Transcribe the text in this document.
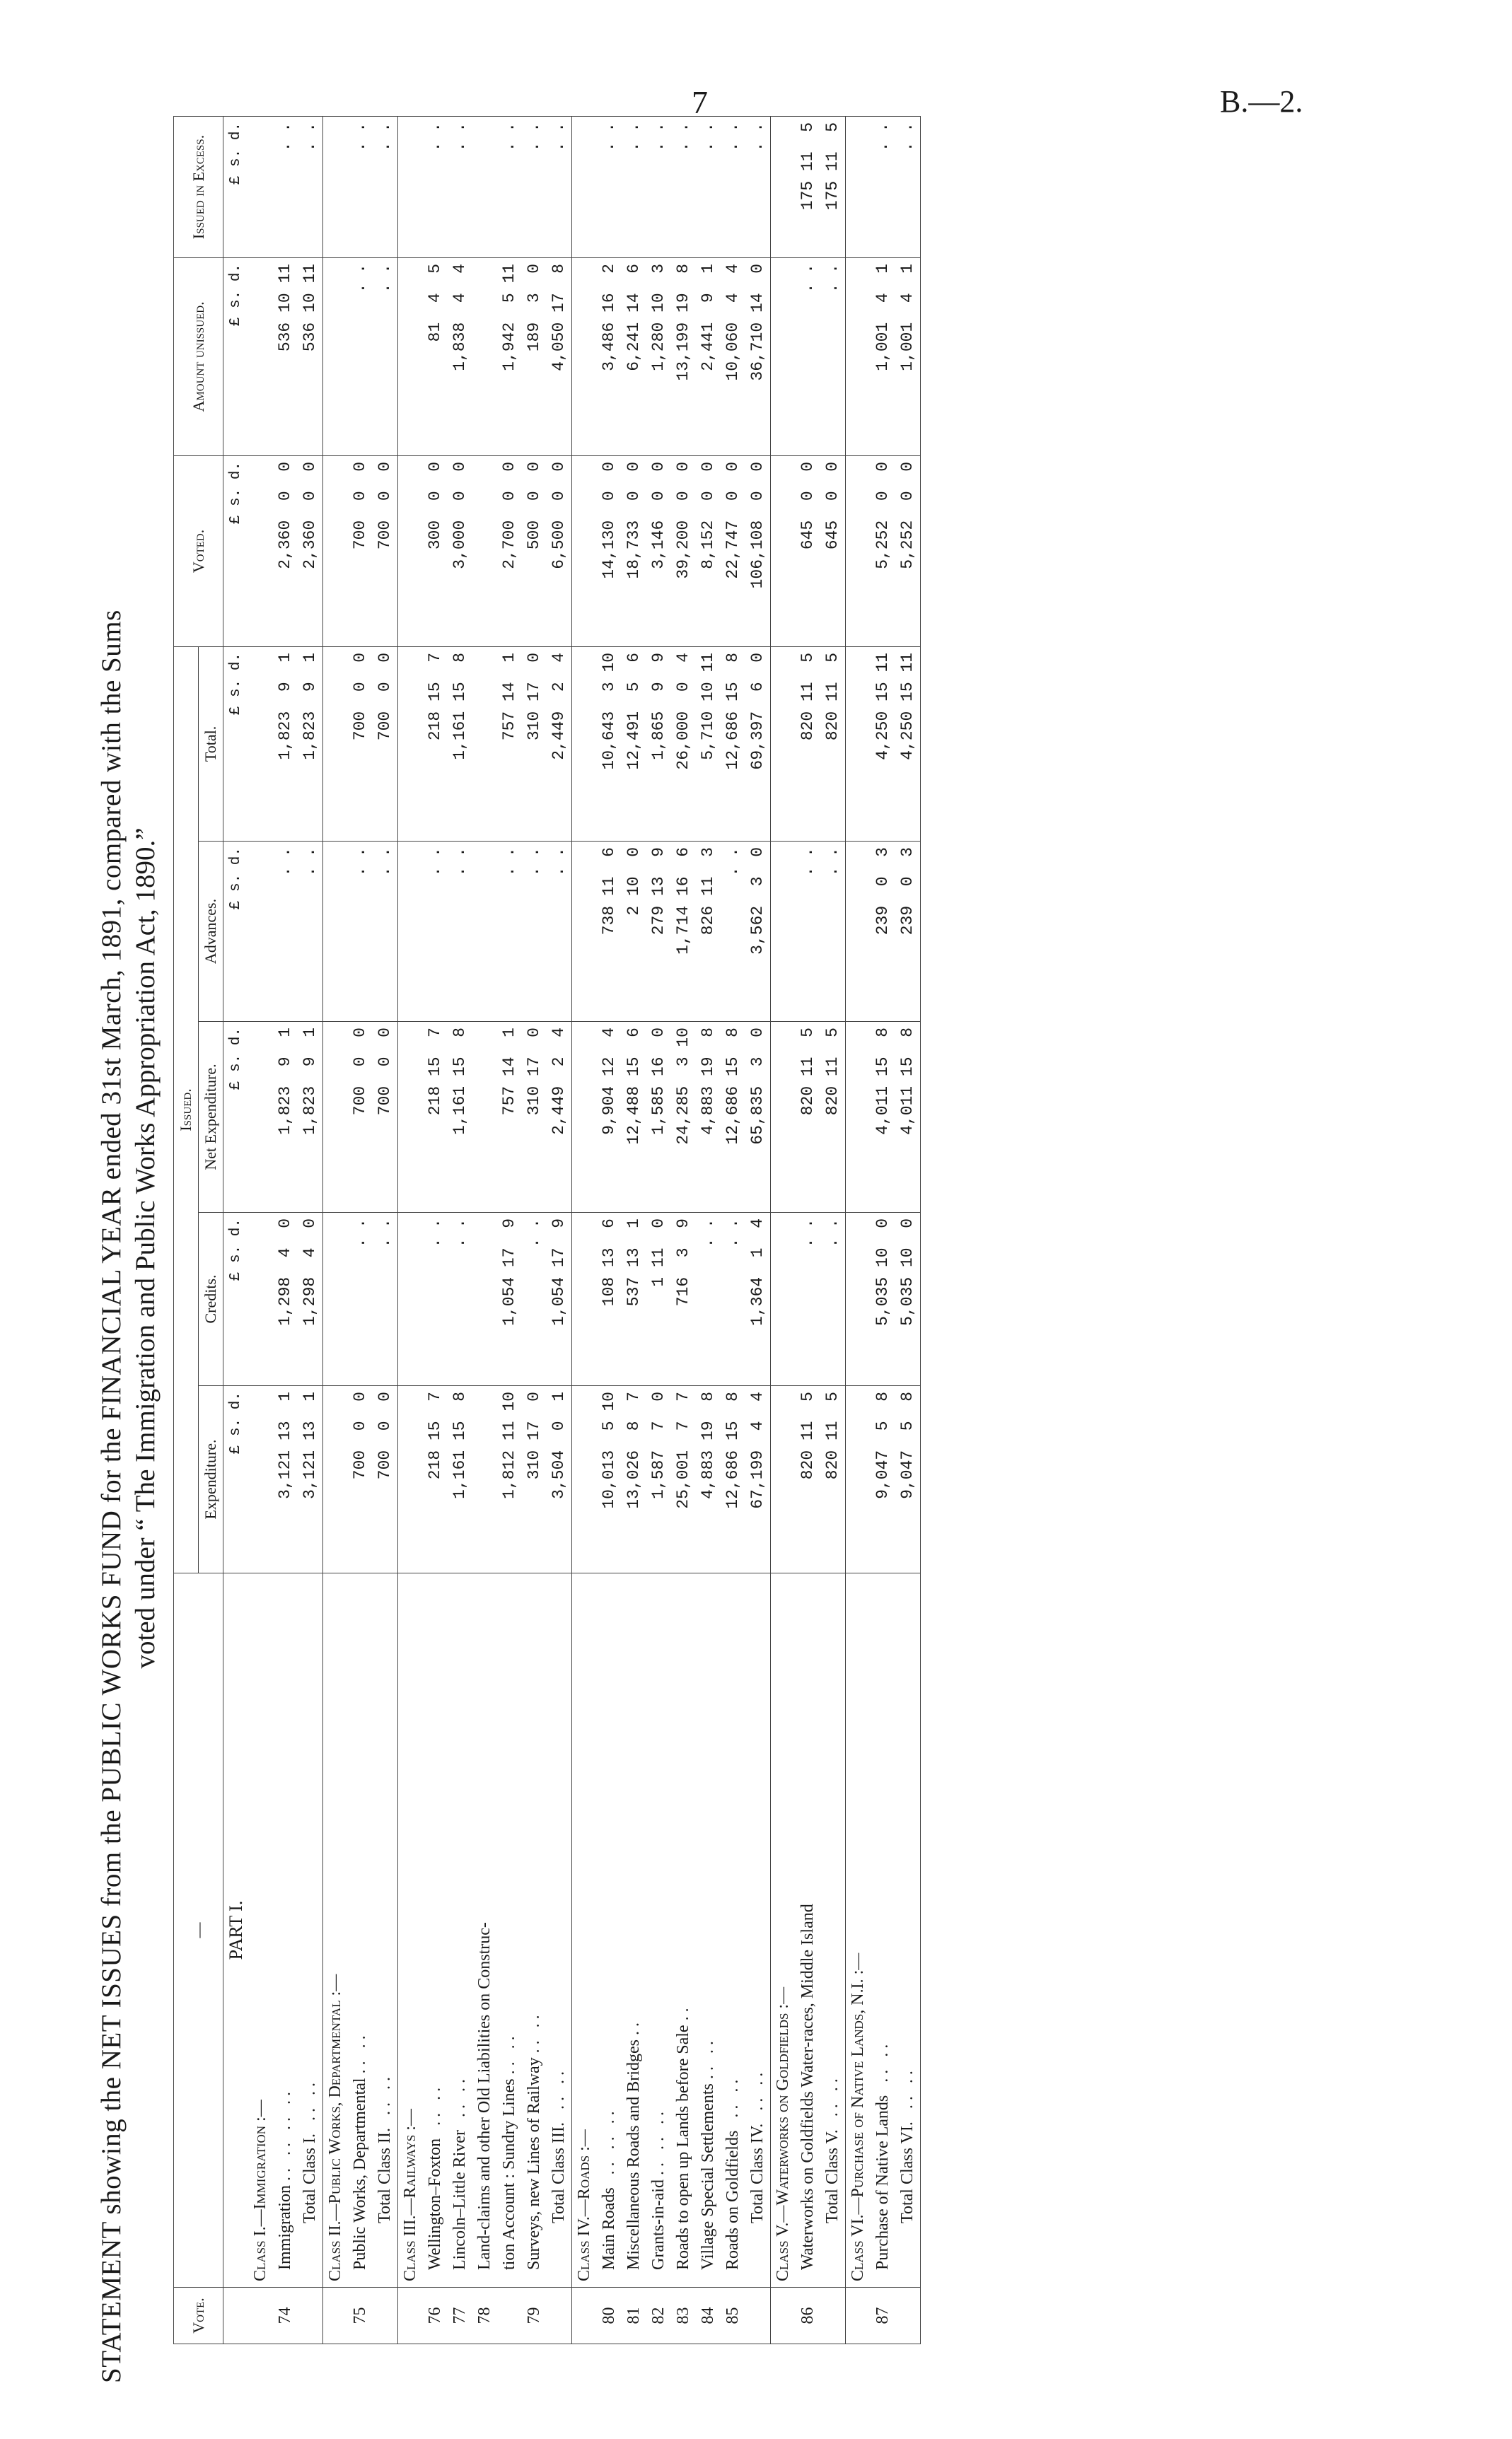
7	B.—2.
STATEMENT showing the NET ISSUES from the PUBLIC WORKS FUND for the FINANCIAL YEAR ended 31st March, 1891, compared with the Sums voted under “ The Immigration and Public Works Appropriation Act, 1890.”
Vote.	—	Issued.					Voted.	Amount unissued.	Issued in Excess.
		Expenditure.	Credits.	Net Expenditure.	Advances.	Total.			
	PART I.	£ s. d.	£ s. d.	£ s. d.	£ s. d.	£ s. d.	£ s. d.	£ s. d.	£ s. d.
	Class I.—Immigration :—								
74	Immigration . .   . .   . .   . .	3,121 13  1	1,298  4  0	1,823  9  1	. .	1,823  9  1	2,360  0  0	536 10 11	. .
	Total Class I.   . .   . .	3,121 13  1	1,298  4  0	1,823  9  1	. .	1,823  9  1	2,360  0  0	536 10 11	. .
	Class II.—Public Works, Departmental :—								
75	Public Works, Departmental . .   . .	700  0  0	. .	700  0  0	. .	700  0  0	700  0  0	. .	. .
	Total Class II.   . .   . .	700  0  0	. .	700  0  0	. .	700  0  0	700  0  0	. .	. .
	Class III.—Railways :—								
76	Wellington–Foxton   . .   . .	218 15  7	. .	218 15  7	. .	218 15  7	300  0  0	81  4  5	. .
77	Lincoln–Little River   . .   . .	1,161 15  8	. .	1,161 15  8	. .	1,161 15  8	3,000  0  0	1,838  4  4	. .
78	Land-claims and other Old Liabilities on Construc-								
	tion Account : Sundry Lines . .   . .	1,812 11 10	1,054 17  9	757 14  1	. .	757 14  1	2,700  0  0	1,942  5 11	. .
79	Surveys, new Lines of Railway . .   . .	310 17  0	. .	310 17  0	. .	310 17  0	500  0  0	189  3  0	. .
	Total Class III.   . .   . .	3,504  0  1	1,054 17  9	2,449  2  4	. .	2,449  2  4	6,500  0  0	4,050 17  8	. .
	Class IV.—Roads :—								
80	Main Roads   . .   . .   . .	10,013  5 10	108 13  6	9,904 12  4	738 11  6	10,643  3 10	14,130  0  0	3,486 16  2	. .
81	Miscellaneous Roads and Bridges . .	13,026  8  7	537 13  1	12,488 15  6	2 10  0	12,491  5  6	18,733  0  0	6,241 14  6	. .
82	Grants-in-aid . .   . .   . .	1,587  7  0	1 11  0	1,585 16  0	279 13  9	1,865  9  9	3,146  0  0	1,280 10  3	. .
83	Roads to open up Lands before Sale . .	25,001  7  7	716  3  9	24,285  3 10	1,714 16  6	26,000  0  4	39,200  0  0	13,199 19  8	. .
84	Village Special Settlements . .   . .	4,883 19  8	. .	4,883 19  8	826 11  3	5,710 10 11	8,152  0  0	2,441  9  1	. .
85	Roads on Goldfields   . .   . .	12,686 15  8	. .	12,686 15  8	. .	12,686 15  8	22,747  0  0	10,060  4  4	. .
	Total Class IV.   . .   . .	67,199  4  4	1,364  1  4	65,835  3  0	3,562  3  0	69,397  6  0	106,108  0  0	36,710 14  0	. .
	Class V.—Waterworks on Goldfields :—								
86	Waterworks on Goldfields Water-races, Middle Island	820 11  5	. .	820 11  5	. .	820 11  5	645  0  0	. .	175 11  5
	Total Class V.   . .   . .	820 11  5	. .	820 11  5	. .	820 11  5	645  0  0	. .	175 11  5
	Class VI.—Purchase of Native Lands, N.I. :—								
87	Purchase of Native Lands   . .   . .	9,047  5  8	5,035 10  0	4,011 15  8	239  0  3	4,250 15 11	5,252  0  0	1,001  4  1	. .
	Total Class VI.   . .   . .	9,047  5  8	5,035 10  0	4,011 15  8	239  0  3	4,250 15 11	5,252  0  0	1,001  4  1	. .
